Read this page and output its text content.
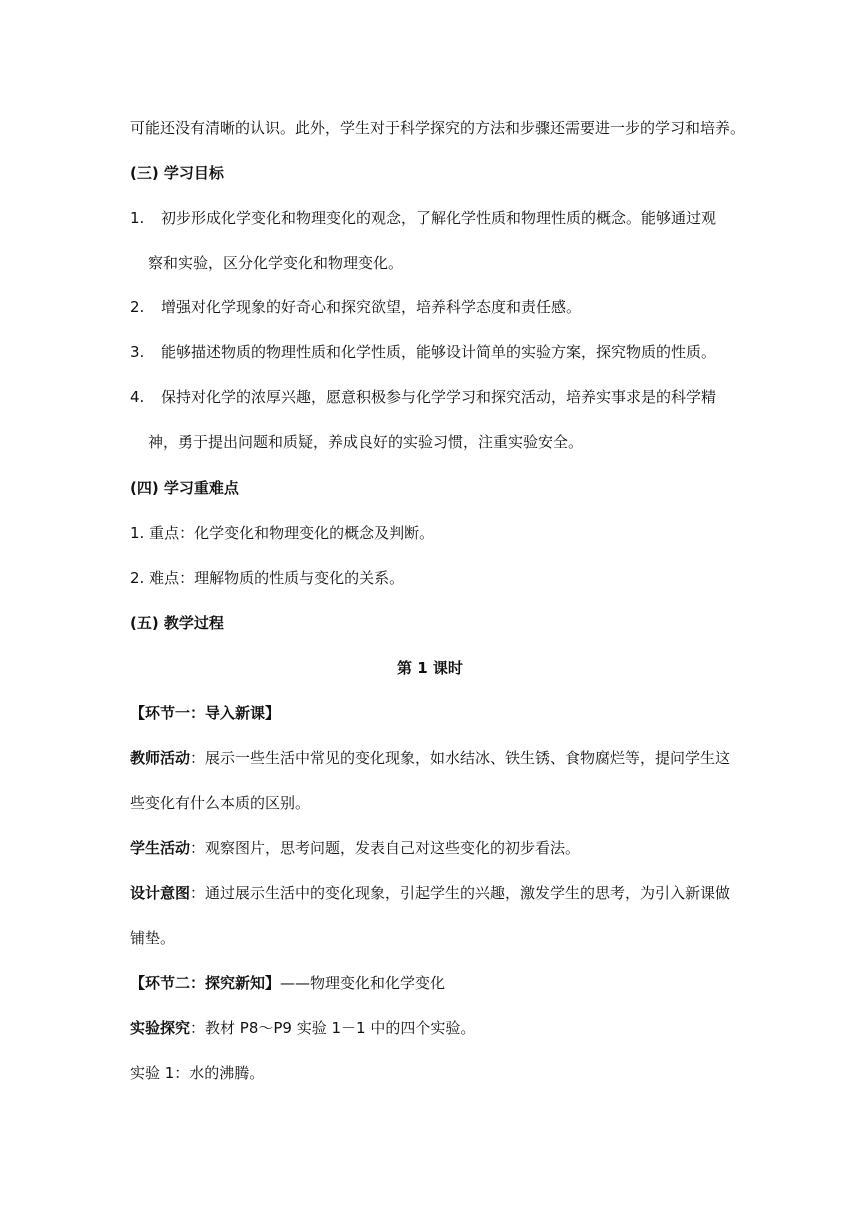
可能还没有清晰的认识。此外，学生对于科学探究的方法和步骤还需要进一步的学习和培养。
(三) 学习目标
1. 初步形成化学变化和物理变化的观念，了解化学性质和物理性质的概念。能够通过观
察和实验，区分化学变化和物理变化。
2. 增强对化学现象的好奇心和探究欲望，培养科学态度和责任感。
3. 能够描述物质的物理性质和化学性质，能够设计简单的实验方案，探究物质的性质。
4. 保持对化学的浓厚兴趣，愿意积极参与化学学习和探究活动，培养实事求是的科学精
神，勇于提出问题和质疑，养成良好的实验习惯，注重实验安全。
(四) 学习重难点
1. 重点：化学变化和物理变化的概念及判断。
2. 难点：理解物质的性质与变化的关系。
(五) 教学过程
第 1 课时
【环节一：导入新课】
教师活动：展示一些生活中常见的变化现象，如水结冰、铁生锈、食物腐烂等，提问学生这
些变化有什么本质的区别。
学生活动：观察图片，思考问题，发表自己对这些变化的初步看法。
设计意图：通过展示生活中的变化现象，引起学生的兴趣，激发学生的思考，为引入新课做
铺垫。
【环节二：探究新知】——物理变化和化学变化
实验探究：教材 P8～P9 实验 1－1 中的四个实验。
实验 1：水的沸腾。
